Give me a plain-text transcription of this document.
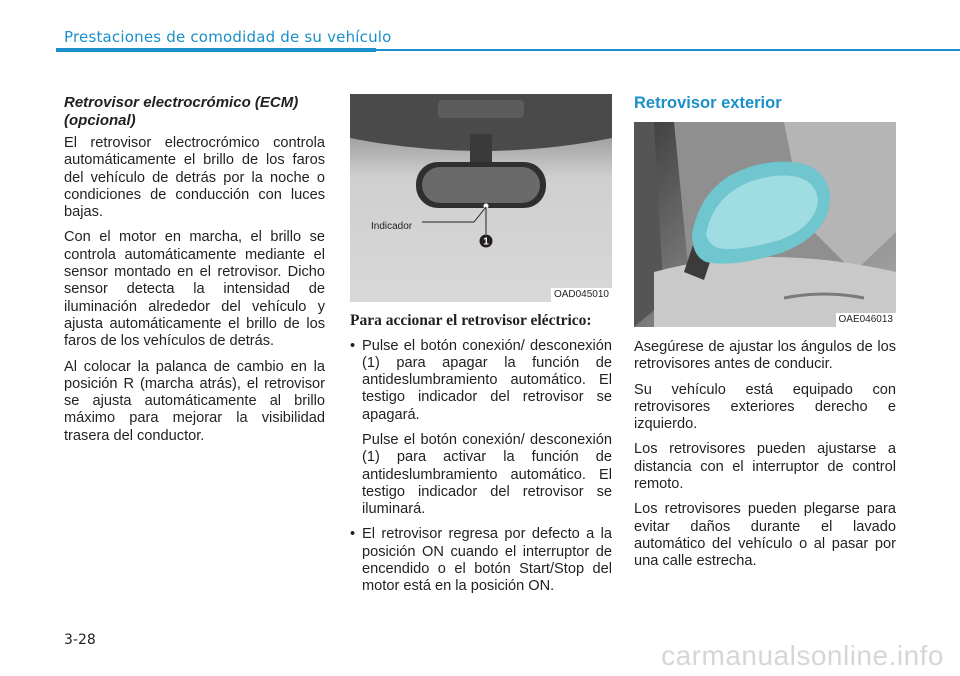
Prestaciones de comodidad de su vehículo
Retrovisor electrocrómico (ECM) (opcional)

El retrovisor electrocrómico controla automáticamente el brillo de los faros del vehículo de detrás por la noche o condiciones de conducción con luces bajas.

Con el motor en marcha, el brillo se controla automáticamente mediante el sensor montado en el retrovisor. Dicho sensor detecta la intensidad de iluminación alrededor del vehículo y ajusta automáticamente el brillo de los faros de los vehículos de detrás.

Al colocar la palanca de cambio en la posición R (marcha atrás), el retrovisor se ajusta automáticamente al brillo máximo para mejorar la visibilidad trasera del conductor.

Indicador
1
OAD045010
Para accionar el retrovisor eléctrico:

• Pulse el botón conexión/ desconexión (1) para apagar la función de antideslumbramiento automático. El testigo indicador del retrovisor se apagará.

Pulse el botón conexión/ desconexión (1) para activar la función de antideslumbramiento automático. El testigo indicador del retrovisor se iluminará.

• El retrovisor regresa por defecto a la posición ON cuando el interruptor de encendido o el botón Start/Stop del motor está en la posición ON.
Retrovisor exterior
OAE046013

Asegúrese de ajustar los ángulos de los retrovisores antes de conducir.

Su vehículo está equipado con retrovisores exteriores derecho e izquierdo.

Los retrovisores pueden ajustarse a distancia con el interruptor de control remoto.

Los retrovisores pueden plegarse para evitar daños durante el lavado automático del vehículo o al pasar por una calle estrecha.

3-28	carmanualsonline.info
